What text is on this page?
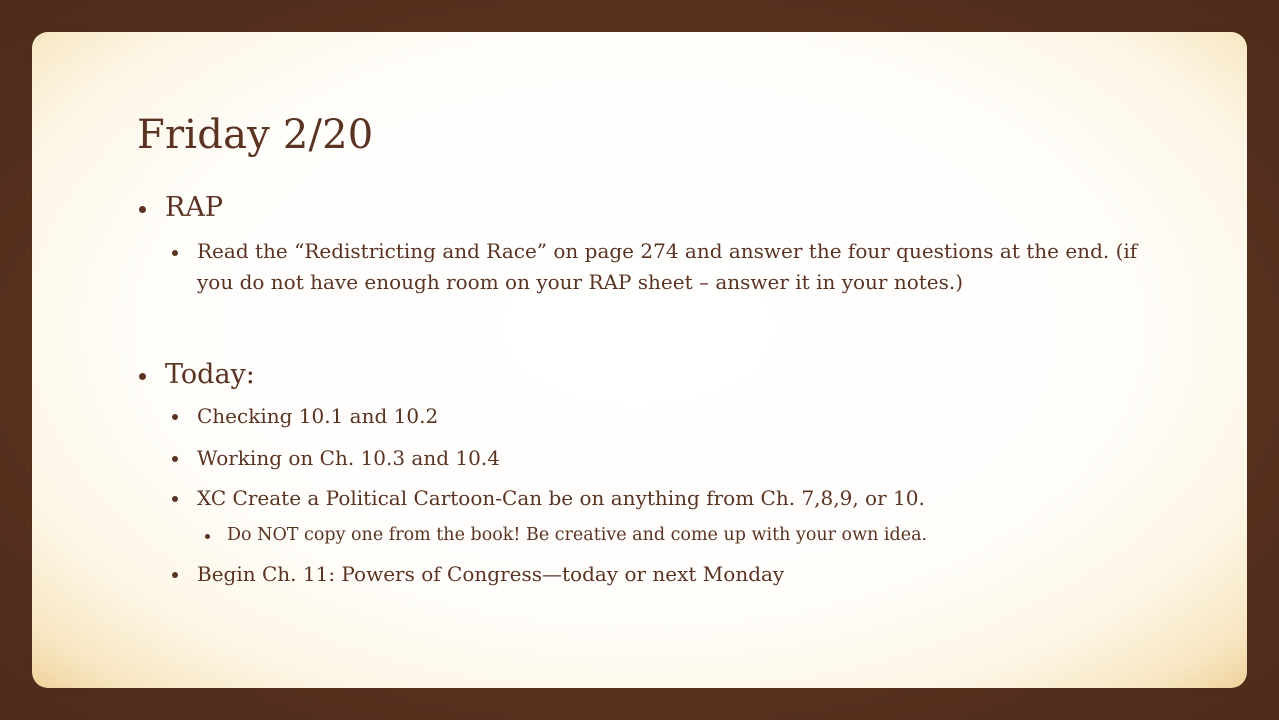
Friday 2/20
RAP
Read the “Redistricting and Race” on page 274 and answer the four questions at the end. (if you do not have enough room on your RAP sheet – answer it in your notes.)
Today:
Checking 10.1 and 10.2
Working on Ch. 10.3 and 10.4
XC Create a Political Cartoon-Can be on anything from Ch. 7,8,9, or 10.
Do NOT copy one from the book! Be creative and come up with your own idea.
Begin Ch. 11: Powers of Congress—today or next Monday
